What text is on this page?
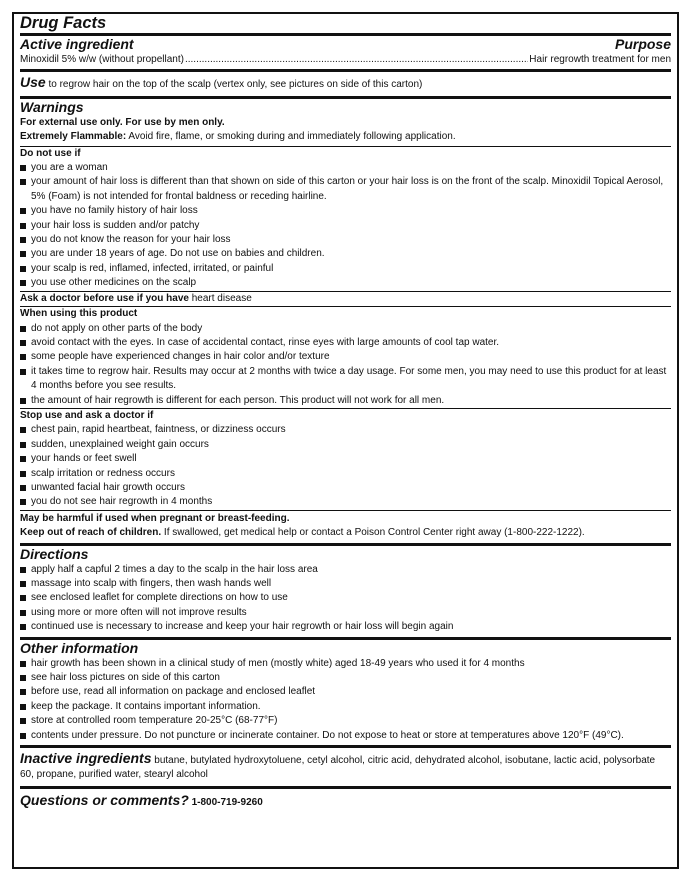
Drug Facts
Active ingredient	Purpose
Minoxidil 5% w/w (without propellant)
.....	Hair regrowth treatment for men
Use to regrow hair on the top of the scalp (vertex only, see pictures on side of this carton)
Warnings
For external use only. For use by men only.
Extremely Flammable: Avoid fire, flame, or smoking during and immediately following application.
Do not use if
you are a woman
your amount of hair loss is different than that shown on side of this carton or your hair loss is on the front of the scalp. Minoxidil Topical Aerosol, 5% (Foam) is not intended for frontal baldness or receding hairline.
you have no family history of hair loss
your hair loss is sudden and/or patchy
you do not know the reason for your hair loss
you are under 18 years of age. Do not use on babies and children.
your scalp is red, inflamed, infected, irritated, or painful
you use other medicines on the scalp
Ask a doctor before use if you have heart disease
When using this product
do not apply on other parts of the body
avoid contact with the eyes. In case of accidental contact, rinse eyes with large amounts of cool tap water.
some people have experienced changes in hair color and/or texture
it takes time to regrow hair. Results may occur at 2 months with twice a day usage. For some men, you may need to use this product for at least 4 months before you see results.
the amount of hair regrowth is different for each person. This product will not work for all men.
Stop use and ask a doctor if
chest pain, rapid heartbeat, faintness, or dizziness occurs
sudden, unexplained weight gain occurs
your hands or feet swell
scalp irritation or redness occurs
unwanted facial hair growth occurs
you do not see hair regrowth in 4 months
May be harmful if used when pregnant or breast-feeding.
Keep out of reach of children. If swallowed, get medical help or contact a Poison Control Center right away (1-800-222-1222).
Directions
apply half a capful 2 times a day to the scalp in the hair loss area
massage into scalp with fingers, then wash hands well
see enclosed leaflet for complete directions on how to use
using more or more often will not improve results
continued use is necessary to increase and keep your hair regrowth or hair loss will begin again
Other information
hair growth has been shown in a clinical study of men (mostly white) aged 18-49 years who used it for 4 months
see hair loss pictures on side of this carton
before use, read all information on package and enclosed leaflet
keep the package. It contains important information.
store at controlled room temperature 20-25°C (68-77°F)
contents under pressure. Do not puncture or incinerate container. Do not expose to heat or store at temperatures above 120°F (49°C).
Inactive ingredients butane, butylated hydroxytoluene, cetyl alcohol, citric acid, dehydrated alcohol, isobutane, lactic acid, polysorbate 60, propane, purified water, stearyl alcohol
Questions or comments? 1-800-719-9260
